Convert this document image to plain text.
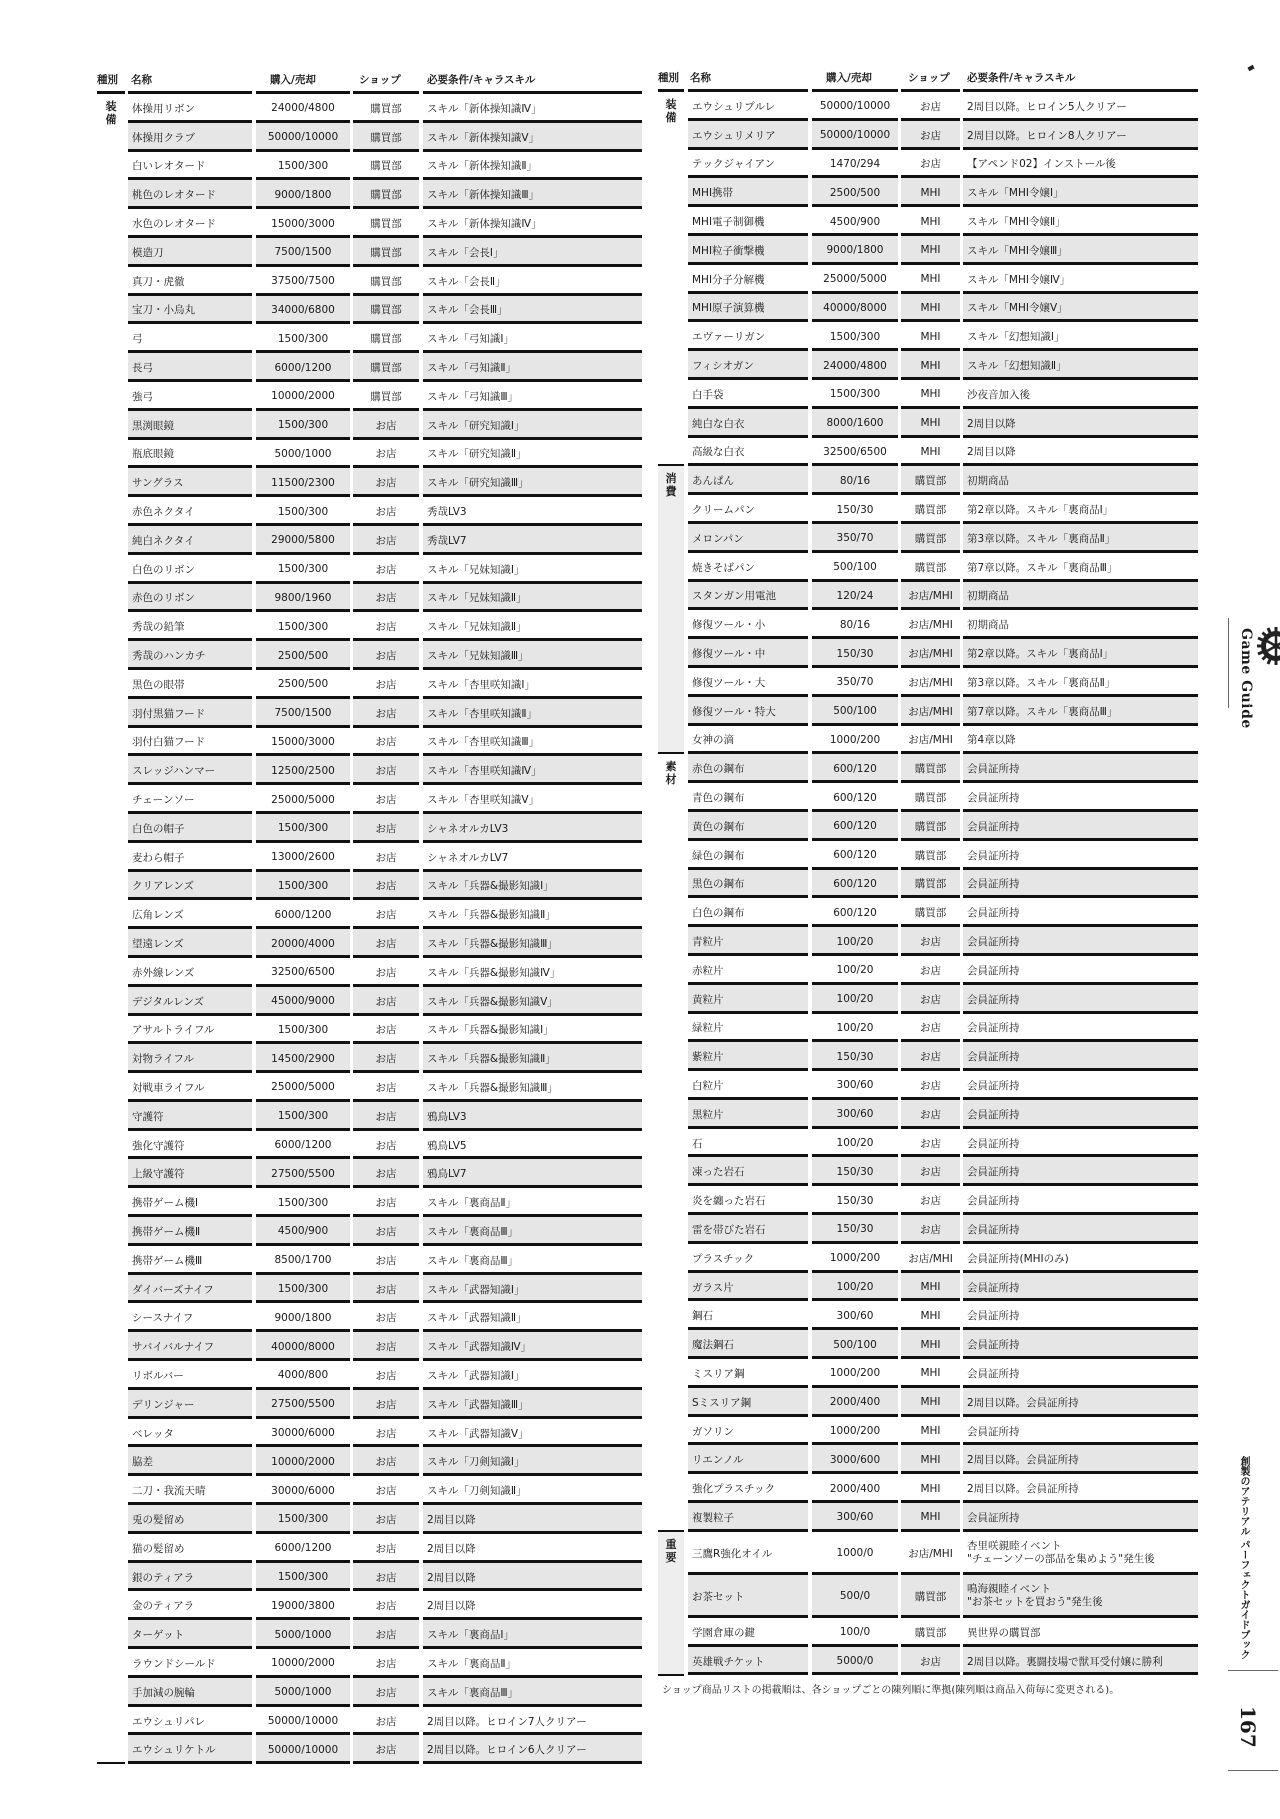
種別 名称	購入/売却	ショップ 必要条件/キャラスキル
体操用リボン	24000/4800	購買部 スキル「新体操知識Ⅳ」
体操用クラブ	50000/10000	購買部 スキル「新体操知識Ⅴ」
白いレオタード	1500/300	購買部 スキル「新体操知識Ⅱ」
桃色のレオタード	9000/1800	購買部 スキル「新体操知識Ⅲ」
水色のレオタード	15000/3000	購買部 スキル「新体操知識Ⅳ」
模造刀	7500/1500	購買部 スキル「会長Ⅰ」
真刀・虎徹	37500/7500	購買部 スキル「会長Ⅱ」
宝刀・小烏丸	34000/6800	購買部 スキル「会長Ⅲ」
弓	1500/300	購買部 スキル「弓知識Ⅰ」
長弓	6000/1200	購買部 スキル「弓知識Ⅱ」
強弓	10000/2000	購買部 スキル「弓知識Ⅲ」
黒渕眼鏡	1500/300	お店	スキル「研究知識Ⅰ」
瓶底眼鏡	5000/1000	お店	スキル「研究知識Ⅱ」
サングラス	11500/2300	お店	スキル「研究知識Ⅲ」
赤色ネクタイ	1500/300	お店	秀哉LV3
純白ネクタイ	29000/5800	お店	秀哉LV7
白色のリボン	1500/300	お店	スキル「兄妹知識Ⅰ」
赤色のリボン	9800/1960	お店	スキル「兄妹知識Ⅱ」
秀哉の鉛筆	1500/300	お店	スキル「兄妹知識Ⅱ」
秀哉のハンカチ	2500/500	お店	スキル「兄妹知識Ⅲ」
黒色の眼帯	2500/500	お店	スキル「杏里咲知識Ⅰ」
羽付黒猫フード	7500/1500	お店	スキル「杏里咲知識Ⅱ」
羽付白猫フード	15000/3000	お店	スキル「杏里咲知識Ⅲ」
スレッジハンマー	12500/2500	お店	スキル「杏里咲知識Ⅳ」
チェーンソー	25000/5000	お店	スキル「杏里咲知識Ⅴ」
白色の帽子	1500/300	お店	シャネオルカLV3
麦わら帽子	13000/2600	お店	シャネオルカLV7
クリアレンズ	1500/300	お店	スキル「兵器&撮影知識Ⅰ」
広角レンズ	6000/1200	お店	スキル「兵器&撮影知識Ⅱ」
望遠レンズ	20000/4000	お店	スキル「兵器&撮影知識Ⅲ」
赤外線レンズ	32500/6500	お店	スキル「兵器&撮影知識Ⅳ」
デジタルレンズ	45000/9000	お店	スキル「兵器&撮影知識Ⅴ」
アサルトライフル	1500/300	お店	スキル「兵器&撮影知識Ⅰ」
対物ライフル	14500/2900	お店	スキル「兵器&撮影知識Ⅱ」
対戦車ライフル	25000/5000	お店	スキル「兵器&撮影知識Ⅲ」
守護符	1500/300	お店	鴉鳥LV3
強化守護符	6000/1200	お店	鴉鳥LV5
上級守護符	27500/5500	お店	鴉鳥LV7
携帯ゲーム機Ⅰ	1500/300	お店	スキル「裏商品Ⅱ」
携帯ゲーム機Ⅱ	4500/900	お店	スキル「裏商品Ⅲ」
携帯ゲーム機Ⅲ	8500/1700	お店	スキル「裏商品Ⅲ」
ダイバーズナイフ	1500/300	お店	スキル「武器知識Ⅰ」
シースナイフ	9000/1800	お店	スキル「武器知識Ⅱ」
サバイバルナイフ	40000/8000	お店	スキル「武器知識Ⅳ」
リボルバー	4000/800	お店	スキル「武器知識Ⅰ」
デリンジャー	27500/5500	お店	スキル「武器知識Ⅲ」
ベレッタ	30000/6000	お店	スキル「武器知識Ⅴ」
脇差	10000/2000	お店	スキル「刀剣知識Ⅰ」
二刀・我流天晴	30000/6000	お店	スキル「刀剣知識Ⅱ」
兎の髪留め	1500/300	お店	2周目以降
猫の髪留め	6000/1200	お店	2周目以降
銀のティアラ	1500/300	お店	2周目以降
金のティアラ	19000/3800	お店	2周目以降
ターゲット	5000/1000	お店	スキル「裏商品Ⅰ」
ラウンドシールド	10000/2000	お店	スキル「裏商品Ⅱ」
手加減の腕輪	5000/1000	お店	スキル「裏商品Ⅲ」
エウシュリパレ	50000/10000	お店	2周目以降。ヒロイン7人クリアー
エウシュリケトル	50000/10000	お店	2周目以降。ヒロイン6人クリアー
装
備
種別 名称	購入/売却	ショップ 必要条件/キャラスキル
エウシュリプルレ	50000/10000	お店 2周目以降。ヒロイン5人クリアー
エウシュリメリア	50000/10000	お店 2周目以降。ヒロイン8人クリアー
テックジャイアン	1470/294	お店 【アペンド02】インストール後
MHI携帯	2500/500	MHI	スキル「MHI令嬢Ⅰ」
MHI電子制御機	4500/900	MHI	スキル「MHI令嬢Ⅱ」
MHI粒子衝撃機	9000/1800	MHI	スキル「MHI令嬢Ⅲ」
MHI分子分解機	25000/5000	MHI	スキル「MHI令嬢Ⅳ」
MHI原子演算機	40000/8000	MHI	スキル「MHI令嬢Ⅴ」
エヴァーリガン	1500/300	MHI	スキル「幻想知識Ⅰ」
フィシオガン	24000/4800	MHI	スキル「幻想知識Ⅱ」
白手袋	1500/300	MHI	沙夜音加入後
純白な白衣	8000/1600	MHI	2周目以降
高級な白衣	32500/6500	MHI	2周目以降
装
備
あんぱん	80/16	購買部 初期商品
クリームパン	150/30	購買部 第2章以降。スキル「裏商品Ⅰ」
メロンパン	350/70	購買部 第3章以降。スキル「裏商品Ⅱ」
焼きそばパン	500/100	購買部 第7章以降。スキル「裏商品Ⅲ」
スタンガン用電池	120/24	お店/MHI 初期商品
修復ツール・小	80/16	お店/MHI 初期商品
修復ツール・中	150/30	お店/MHI 第2章以降。スキル「裏商品Ⅰ」
修復ツール・大	350/70	お店/MHI 第3章以降。スキル「裏商品Ⅱ」
修復ツール・特大	500/100	お店/MHI 第7章以降。スキル「裏商品Ⅲ」
女神の滴	1000/200	お店/MHI 第4章以降
消
費
赤色の鋼布	600/120	購買部 会員証所持
青色の鋼布	600/120	購買部 会員証所持
黄色の鋼布	600/120	購買部 会員証所持
緑色の鋼布	600/120	購買部 会員証所持
黒色の鋼布	600/120	購買部 会員証所持
白色の鋼布	600/120	購買部 会員証所持
青粒片	100/20	お店 会員証所持
赤粒片	100/20	お店 会員証所持
黄粒片	100/20	お店 会員証所持
緑粒片	100/20	お店 会員証所持
紫粒片	150/30	お店 会員証所持
白粒片	300/60	お店 会員証所持
黒粒片	300/60	お店 会員証所持
石	100/20	お店 会員証所持
凍った岩石	150/30	お店 会員証所持
炎を纏った岩石	150/30	お店 会員証所持
雷を帯びた岩石	150/30	お店 会員証所持
プラスチック	1000/200	お店/MHI 会員証所持(MHIのみ)
ガラス片	100/20	MHI	会員証所持
鋼石	300/60	MHI	会員証所持
魔法鋼石	500/100	MHI	会員証所持
ミスリア鋼	1000/200	MHI	会員証所持
Sミスリア鋼	2000/400	MHI	2周目以降。会員証所持
ガソリン	1000/200	MHI	会員証所持
リエンノル	3000/600	MHI	2周目以降。会員証所持
強化プラスチック	2000/400	MHI	2周目以降。会員証所持
複製粒子	300/60	MHI	会員証所持
素
材
三鷹R強化オイル	1000/0	お店/MHI
杏里咲親睦イベント
"チェーンソーの部品を集めよう"発生後
お茶セット	500/0	購買部
鳴海親睦イベント
"お茶セットを買おう"発生後
学園倉庫の鍵	100/0	購買部 異世界の購買部
英雄戦チケット	5000/0	お店 2周目以降。裏闘技場で獣耳受付嬢に勝利
重
要
ショップ商品リストの掲載順は、各ショップごとの陳列順に準拠(陳列順は商品入荷毎に変更される)。
Game Guide
創製のアテリアル パーフェクトガイドブック
167
